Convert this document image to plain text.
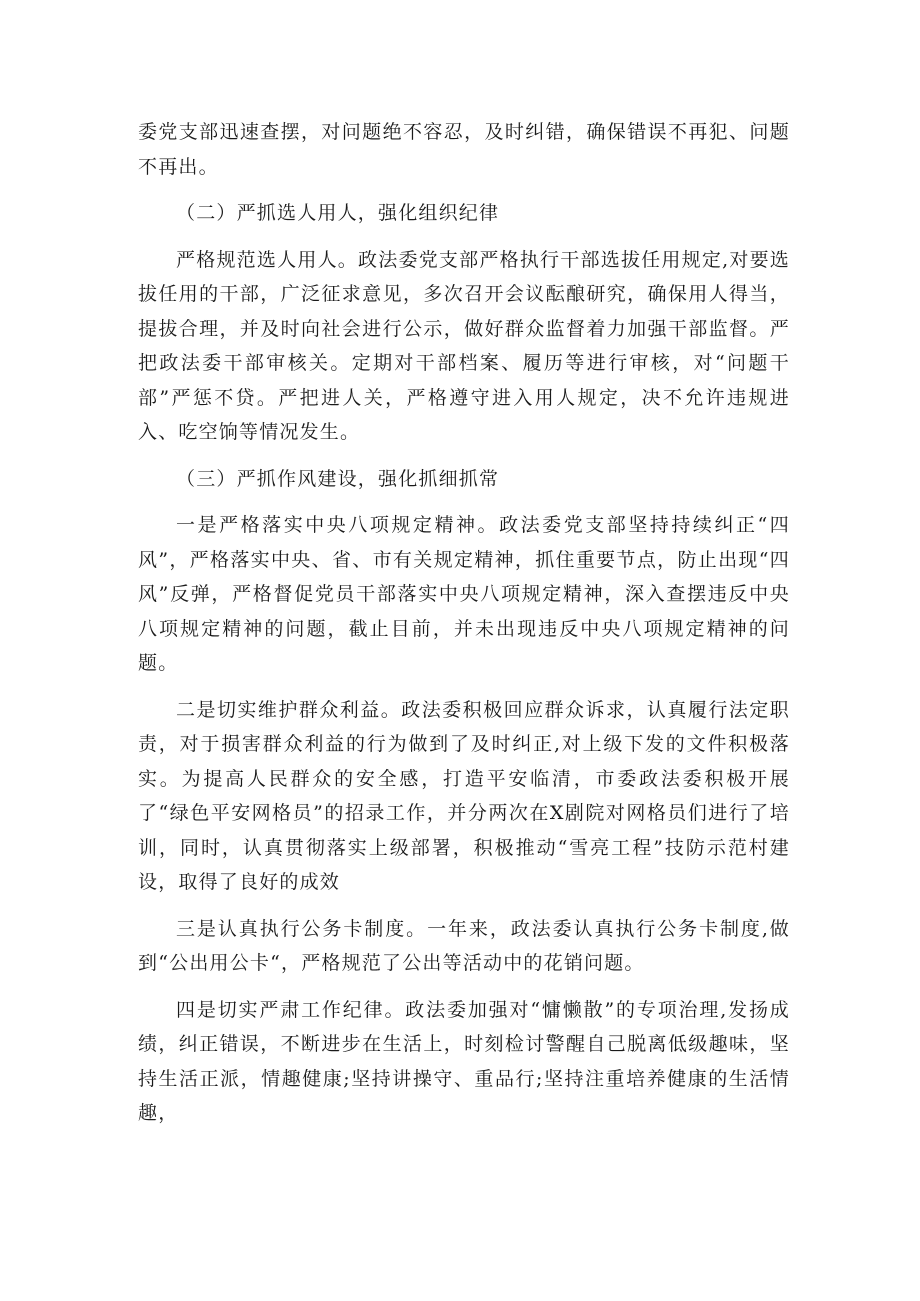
委党支部迅速查摆，对问题绝不容忍，及时纠错，确保错误不再犯、问题不再出。

（二）严抓选人用人，强化组织纪律

严格规范选人用人。政法委党支部严格执行干部选拔任用规定,对要选拔任用的干部，广泛征求意见，多次召开会议酝酿研究，确保用人得当，提拔合理，并及时向社会进行公示，做好群众监督着力加强干部监督。严把政法委干部审核关。定期对干部档案、履历等进行审核，对“问题干部”严惩不贷。严把进人关，严格遵守进入用人规定，决不允许违规进入、吃空饷等情况发生。

（三）严抓作风建设，强化抓细抓常

一是严格落实中央八项规定精神。政法委党支部坚持持续纠正“四风”，严格落实中央、省、市有关规定精神，抓住重要节点，防止出现“四风”反弹，严格督促党员干部落实中央八项规定精神，深入查摆违反中央八项规定精神的问题，截止目前，并未出现违反中央八项规定精神的问题。

二是切实维护群众利益。政法委积极回应群众诉求，认真履行法定职责，对于损害群众利益的行为做到了及时纠正,对上级下发的文件积极落实。为提高人民群众的安全感，打造平安临清，市委政法委积极开展了“绿色平安网格员”的招录工作，并分两次在X剧院对网格员们进行了培训，同时，认真贯彻落实上级部署，积极推动“雪亮工程”技防示范村建设，取得了良好的成效

三是认真执行公务卡制度。一年来，政法委认真执行公务卡制度,做到“公出用公卡“，严格规范了公出等活动中的花销问题。

四是切实严肃工作纪律。政法委加强对“慵懒散”的专项治理,发扬成绩，纠正错误，不断进步在生活上，时刻检讨警醒自己脱离低级趣味，坚持生活正派，情趣健康;坚持讲操守、重品行;坚持注重培养健康的生活情趣，
